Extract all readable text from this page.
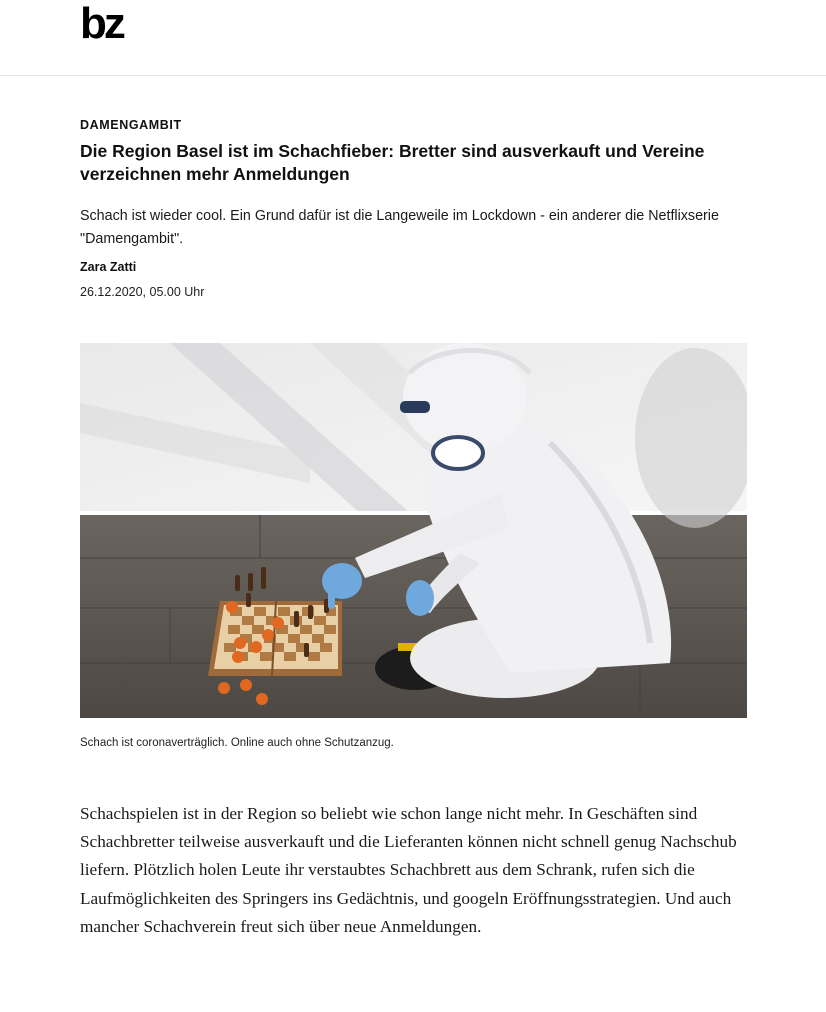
bz
DAMENGAMBIT
Die Region Basel ist im Schachfieber: Bretter sind ausverkauft und Vereine verzeichnen mehr Anmeldungen

Schach ist wieder cool. Ein Grund dafür ist die Langeweile im Lockdown - ein anderer die Netflixserie "Damengambit".

Zara Zatti
26.12.2020, 05.00 Uhr
Schach ist coronaverträglich. Online auch ohne Schutzanzug.

Schachspielen ist in der Region so beliebt wie schon lange nicht mehr. In Geschäften sind Schachbretter teilweise ausverkauft und die Lieferanten können nicht schnell genug Nachschub liefern. Plötzlich holen Leute ihr verstaubtes Schachbrett aus dem Schrank, rufen sich die Laufmöglichkeiten des Springers ins Gedächtnis, und googeln Eröffnungsstrategien. Und auch mancher Schachverein freut sich über neue Anmeldungen.
